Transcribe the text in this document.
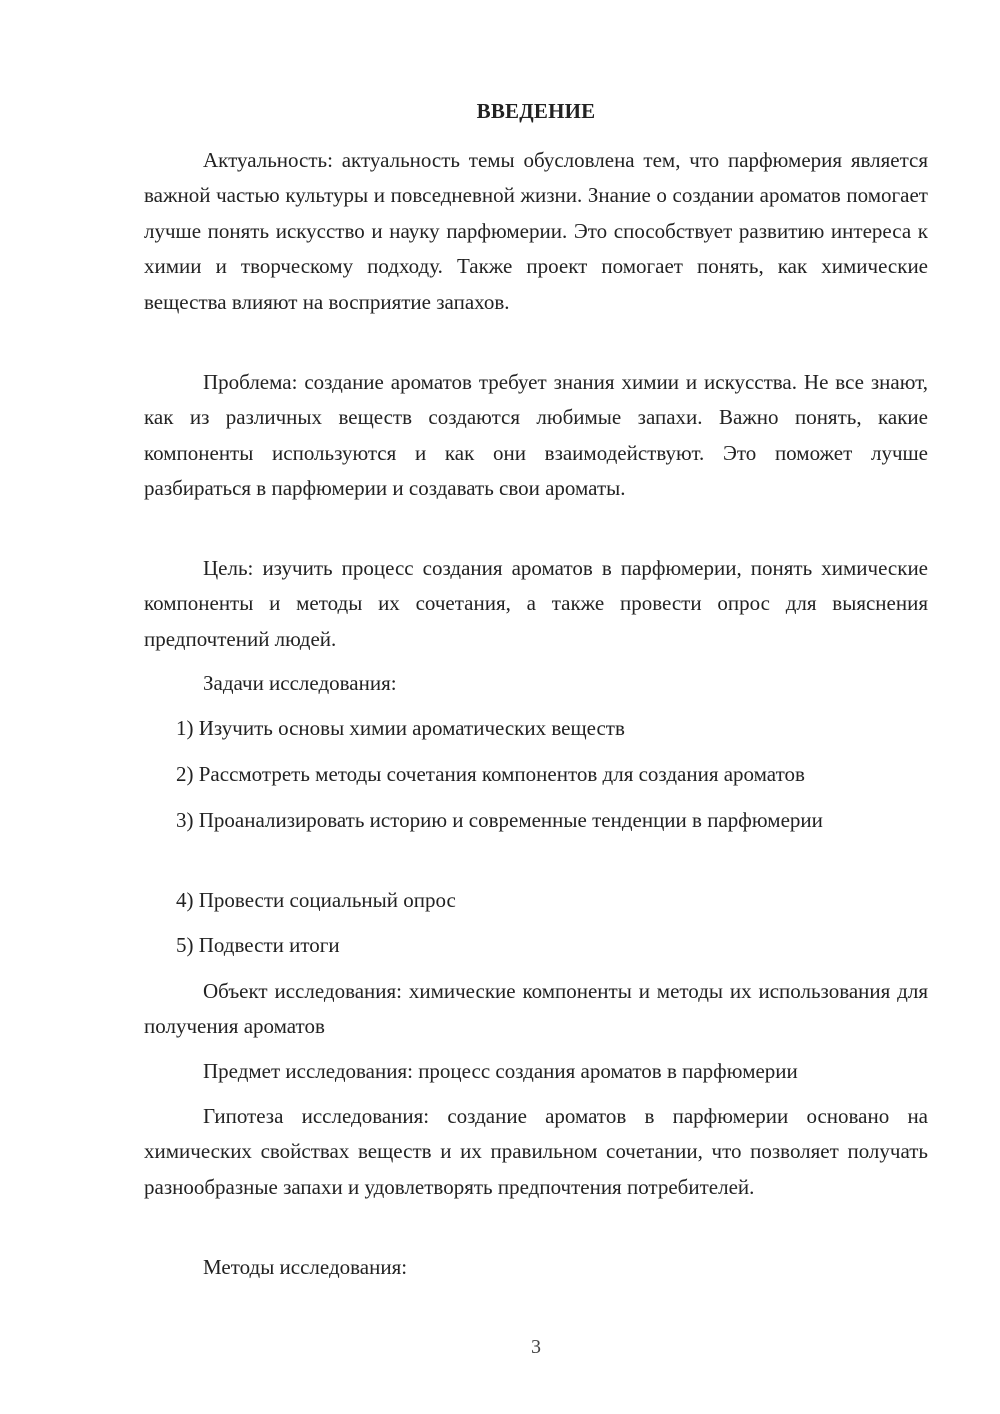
ВВЕДЕНИЕ

Актуальность: актуальность темы обусловлена тем, что парфюмерия является важной частью культуры и повседневной жизни. Знание о создании ароматов помогает лучше понять искусство и науку парфюмерии. Это способствует развитию интереса к химии и творческому подходу. Также проект помогает понять, как химические вещества влияют на восприятие запахов.

Проблема: создание ароматов требует знания химии и искусства. Не все знают, как из различных веществ создаются любимые запахи. Важно понять, какие компоненты используются и как они взаимодействуют. Это поможет лучше разбираться в парфюмерии и создавать свои ароматы.

Цель: изучить процесс создания ароматов в парфюмерии, понять химические компоненты и методы их сочетания, а также провести опрос для выяснения предпочтений людей.

Задачи исследования:

1) Изучить основы химии ароматических веществ

2) Рассмотреть методы сочетания компонентов для создания ароматов

3) Проанализировать историю и современные тенденции в парфюмерии

4) Провести социальный опрос

5) Подвести итоги

Объект исследования: химические компоненты и методы их использования для получения ароматов

Предмет исследования: процесс создания ароматов в парфюмерии

Гипотеза исследования: создание ароматов в парфюмерии основано на химических свойствах веществ и их правильном сочетании, что позволяет получать разнообразные запахи и удовлетворять предпочтения потребителей.

Методы исследования:

3
